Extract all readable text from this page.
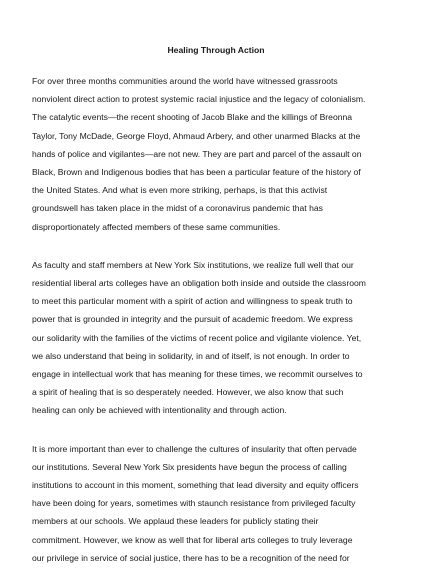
Healing Through Action

For over three months communities around the world have witnessed grassroots
nonviolent direct action to protest systemic racial injustice and the legacy of colonialism.
The catalytic events—the recent shooting of Jacob Blake and the killings of Breonna
Taylor, Tony McDade, George Floyd, Ahmaud Arbery, and other unarmed Blacks at the
hands of police and vigilantes—are not new. They are part and parcel of the assault on
Black, Brown and Indigenous bodies that has been a particular feature of the history of
the United States. And what is even more striking, perhaps, is that this activist
groundswell has taken place in the midst of a coronavirus pandemic that has
disproportionately affected members of these same communities.

As faculty and staff members at New York Six institutions, we realize full well that our
residential liberal arts colleges have an obligation both inside and outside the classroom
to meet this particular moment with a spirit of action and willingness to speak truth to
power that is grounded in integrity and the pursuit of academic freedom. We express
our solidarity with the families of the victims of recent police and vigilante violence. Yet,
we also understand that being in solidarity, in and of itself, is not enough. In order to
engage in intellectual work that has meaning for these times, we recommit ourselves to
a spirit of healing that is so desperately needed. However, we also know that such
healing can only be achieved with intentionality and through action.

It is more important than ever to challenge the cultures of insularity that often pervade
our institutions. Several New York Six presidents have begun the process of calling
institutions to account in this moment, something that lead diversity and equity officers
have been doing for years, sometimes with staunch resistance from privileged faculty
members at our schools. We applaud these leaders for publicly stating their
commitment. However, we know as well that for liberal arts colleges to truly leverage
our privilege in service of social justice, there has to be a recognition of the need for
